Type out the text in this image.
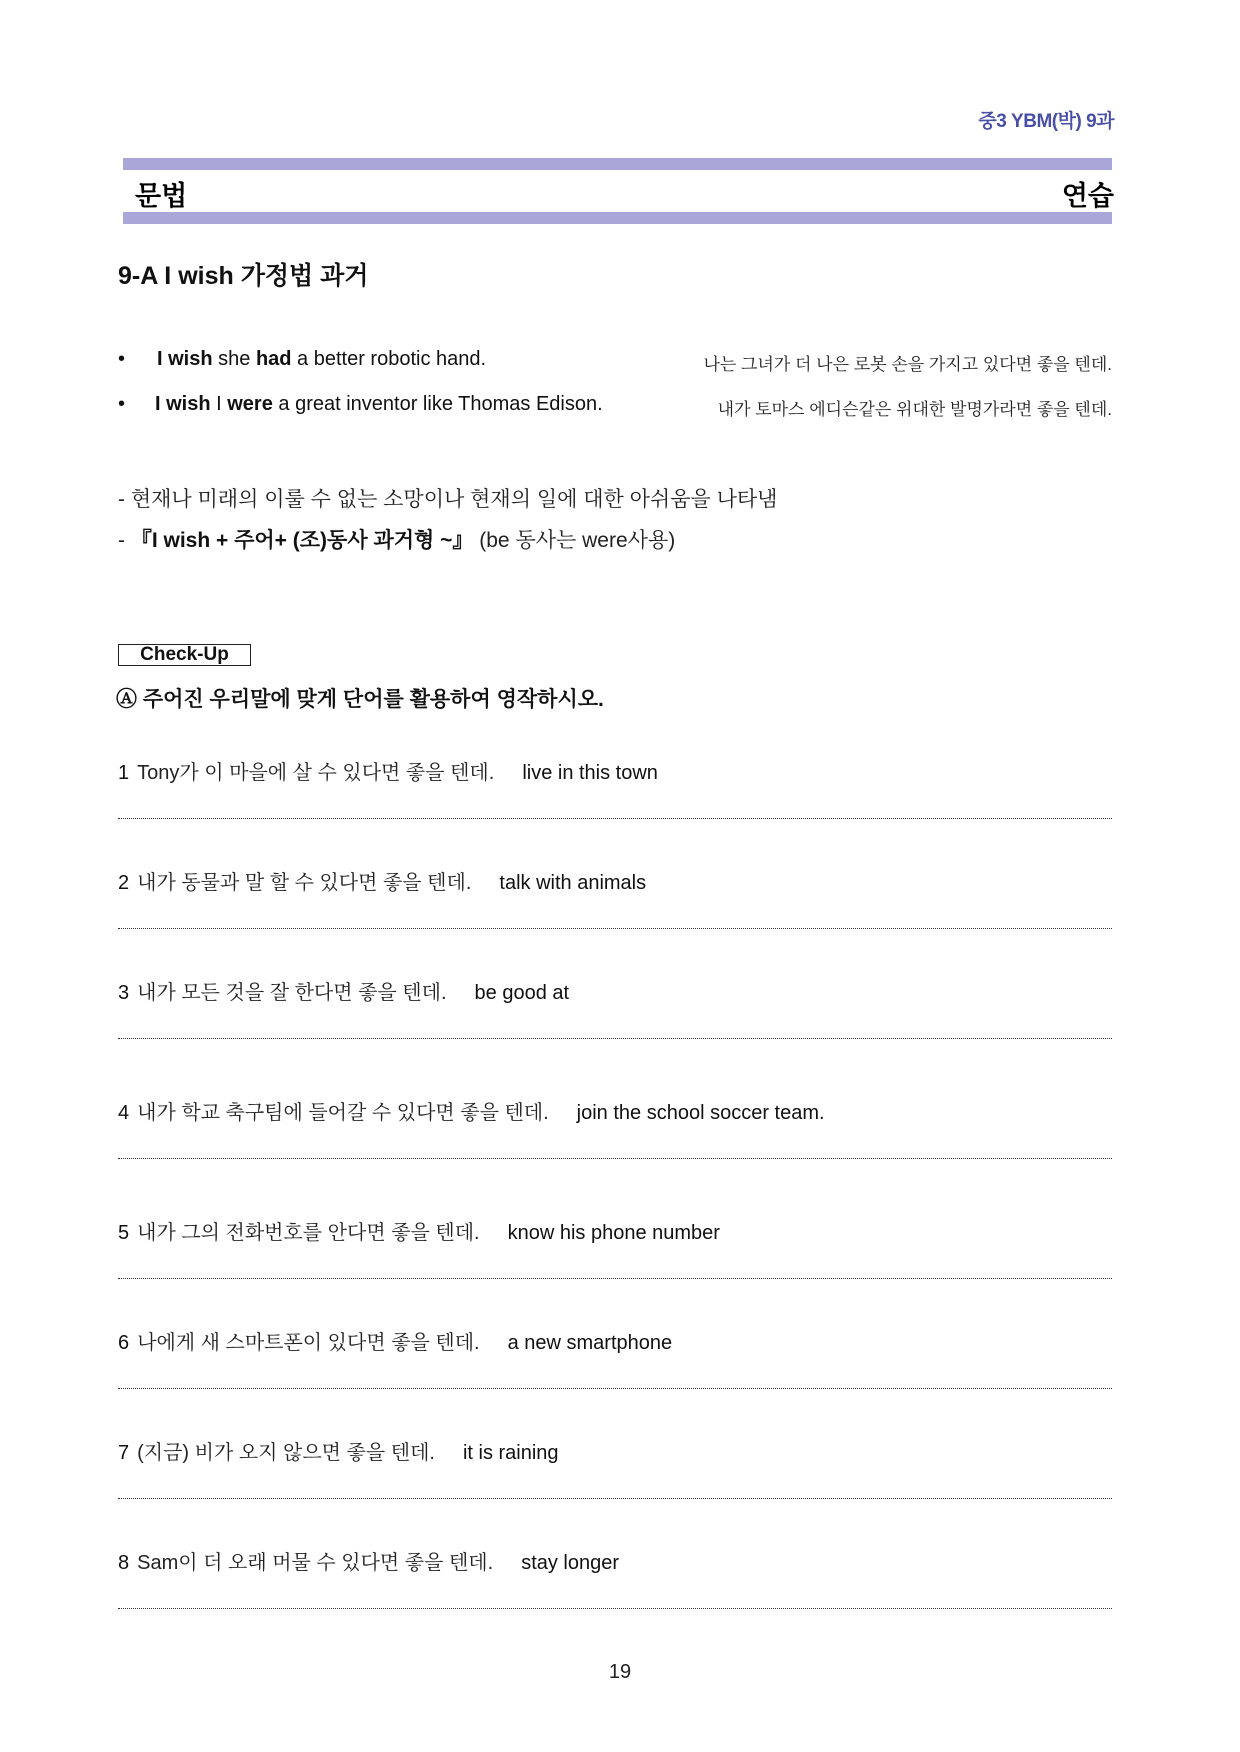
중3 YBM(박) 9과
문법	연습
9-A I wish 가정법 과거
• I wish she had a better robotic hand.	나는 그녀가 더 나은 로봇 손을 가지고 있다면 좋을 텐데.
• I wish I were a great inventor like Thomas Edison.	내가 토마스 에디슨같은 위대한 발명가라면 좋을 텐데.
- 현재나 미래의 이룰 수 없는 소망이나 현재의 일에 대한 아쉬움을 나타냄
- 『I wish + 주어+ (조)동사 과거형 ~』 (be 동사는 were사용)
Check-Up
Ⓐ 주어진 우리말에 맞게 단어를 활용하여 영작하시오.
1 Tony가 이 마을에 살 수 있다면 좋을 텐데. live in this town
2 내가 동물과 말 할 수 있다면 좋을 텐데. talk with animals
3 내가 모든 것을 잘 한다면 좋을 텐데. be good at
4 내가 학교 축구팀에 들어갈 수 있다면 좋을 텐데. join the school soccer team.
5 내가 그의 전화번호를 안다면 좋을 텐데. know his phone number
6 나에게 새 스마트폰이 있다면 좋을 텐데. a new smartphone
7 (지금) 비가 오지 않으면 좋을 텐데. it is raining
8 Sam이 더 오래 머물 수 있다면 좋을 텐데. stay longer
19
